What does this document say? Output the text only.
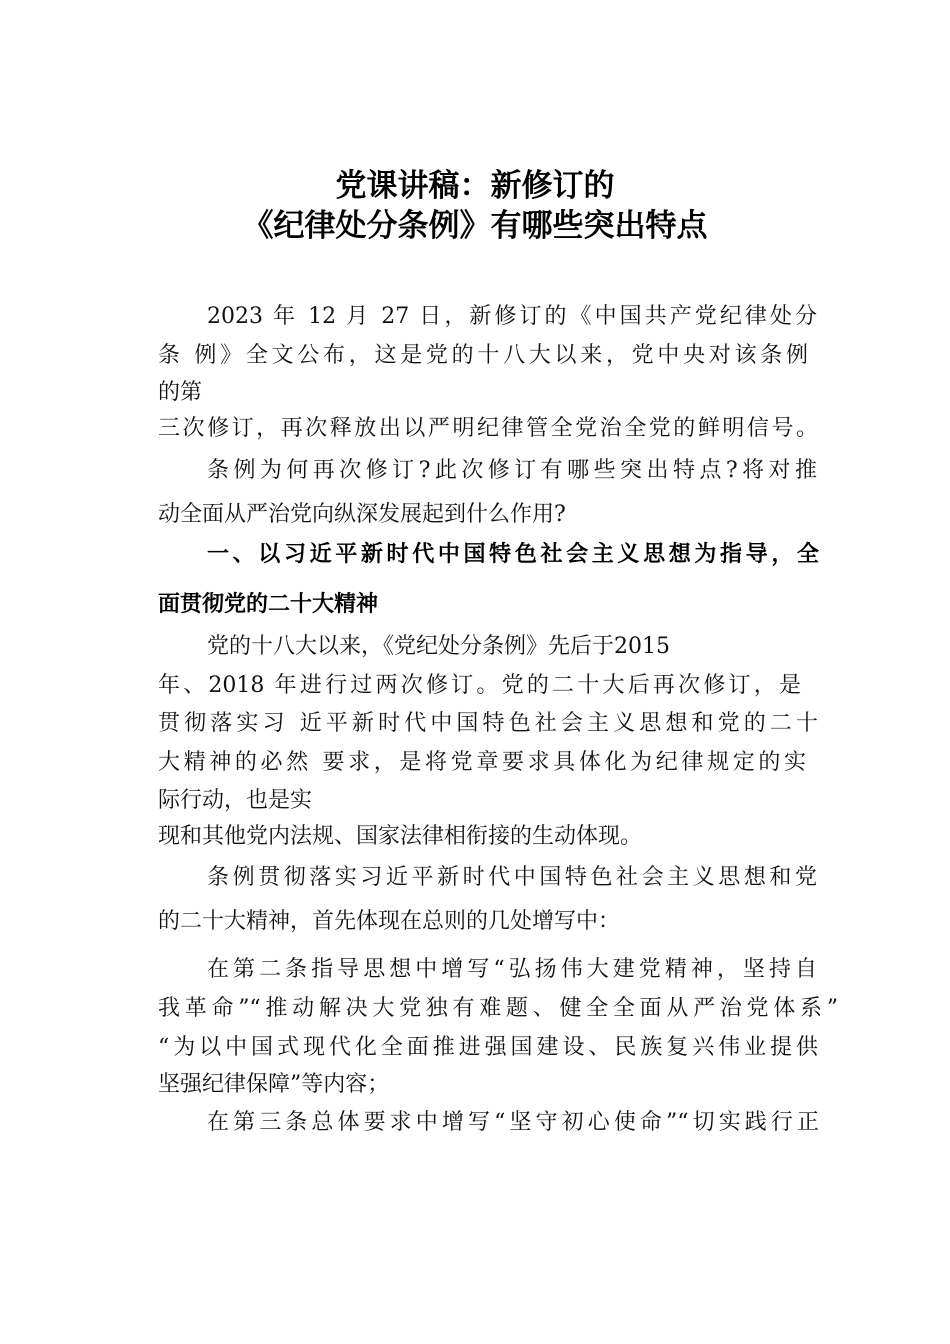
党课讲稿：新修订的
《纪律处分条例》有哪些突出特点
2023 年 12 月 27 日，新修订的《中国共产党纪律处分
条 例》全文公布，这是党的十八大以来，党中央对该条例
的第
三次修订，再次释放出以严明纪律管全党治全党的鲜明信号。
条例为何再次修订?此次修订有哪些突出特点?将对推
动全面从严治党向纵深发展起到什么作用?
一、以习近平新时代中国特色社会主义思想为指导，全
面贯彻党的二十大精神
党的十八大以来，《党纪处分条例》先后于2015
年、2018 年进行过两次修订。党的二十大后再次修订，是
贯彻落实习 近平新时代中国特色社会主义思想和党的二十
大精神的必然 要求，是将党章要求具体化为纪律规定的实
际行动，也是实
现和其他党内法规、国家法律相衔接的生动体现。
条例贯彻落实习近平新时代中国特色社会主义思想和党
的二十大精神，首先体现在总则的几处增写中：
在第二条指导思想中增写“弘扬伟大建党精神，坚持自
我革命”“推动解决大党独有难题、健全全面从严治党体系”
“为以中国式现代化全面推进强国建设、民族复兴伟业提供
坚强纪律保障”等内容；
在第三条总体要求中增写“坚守初心使命”“切实践行正
